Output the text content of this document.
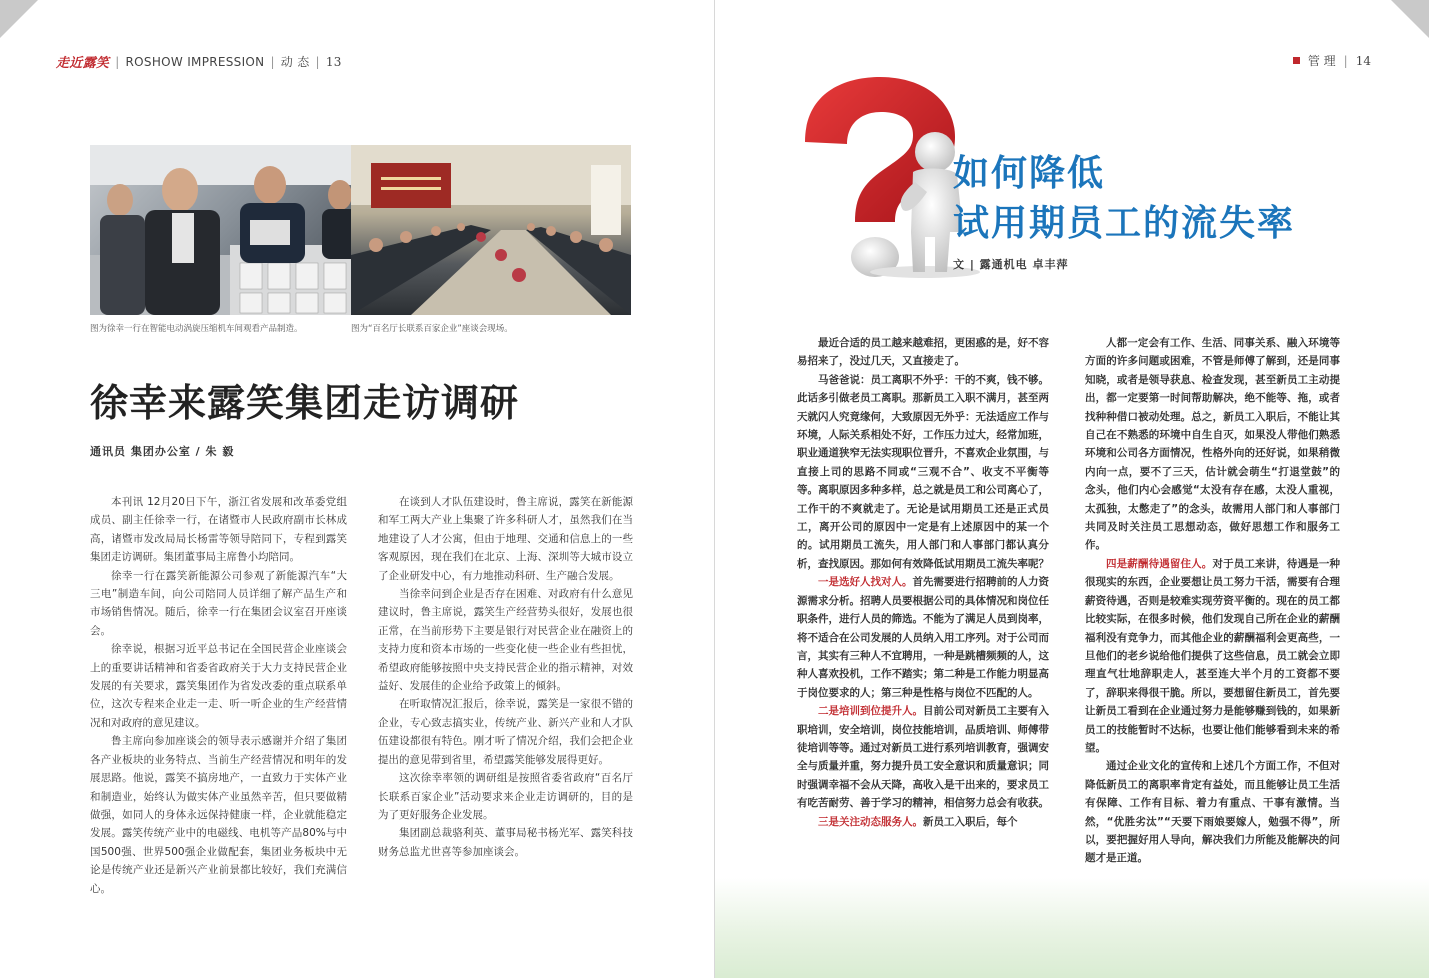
走近露笑 | ROSHOW IMPRESSION | 动 态 | 13
图为徐幸一行在智能电动涡旋压缩机车间观看产品制造。	图为“百名厅长联系百家企业”座谈会现场。
徐幸来露笑集团走访调研
通讯员 集团办公室 / 朱 毅

本刊讯 12月20日下午，浙江省发展和改革委党组成员、副主任徐幸一行，在诸暨市人民政府副市长林成高，诸暨市发改局局长杨雷等领导陪同下，专程到露笑集团走访调研。集团董事局主席鲁小均陪同。

徐幸一行在露笑新能源公司参观了新能源汽车“大三电”制造车间，向公司陪同人员详细了解产品生产和市场销售情况。随后，徐幸一行在集团会议室召开座谈会。

徐幸说，根据习近平总书记在全国民营企业座谈会上的重要讲话精神和省委省政府关于大力支持民营企业发展的有关要求，露笑集团作为省发改委的重点联系单位，这次专程来企业走一走、听一听企业的生产经营情况和对政府的意见建议。

鲁主席向参加座谈会的领导表示感谢并介绍了集团各产业板块的业务特点、当前生产经营情况和明年的发展思路。他说，露笑不搞房地产，一直致力于实体产业和制造业，始终认为做实体产业虽然辛苦，但只要做精做强，如同人的身体永远保持健康一样，企业就能稳定发展。露笑传统产业中的电磁线、电机等产品80%与中国500强、世界500强企业做配套，集团业务板块中无论是传统产业还是新兴产业前景都比较好，我们充满信心。

在谈到人才队伍建设时，鲁主席说，露笑在新能源和军工两大产业上集聚了许多科研人才，虽然我们在当地建设了人才公寓，但由于地理、交通和信息上的一些客观原因，现在我们在北京、上海、深圳等大城市设立了企业研发中心，有力地推动科研、生产融合发展。

当徐幸问到企业是否存在困难、对政府有什么意见建议时，鲁主席说，露笑生产经营势头很好，发展也很正常，在当前形势下主要是银行对民营企业在融资上的支持力度和资本市场的一些变化使一些企业有些担忧，希望政府能够按照中央支持民营企业的指示精神，对效益好、发展佳的企业给予政策上的倾斜。

在听取情况汇报后，徐幸说，露笑是一家很不错的企业，专心致志搞实业，传统产业、新兴产业和人才队伍建设都很有特色。刚才听了情况介绍，我们会把企业提出的意见带到省里，希望露笑能够发展得更好。

这次徐幸率领的调研组是按照省委省政府“百名厅长联系百家企业”活动要求来企业走访调研的，目的是为了更好服务企业发展。

集团副总裁骆利英、董事局秘书杨光军、露笑科技财务总监尤世喜等参加座谈会。

管 理 | 14
如何降低
试用期员工的流失率
文 | 露通机电 卓丰萍

最近合适的员工越来越难招，更困惑的是，好不容易招来了，没过几天，又直接走了。

马爸爸说：员工离职不外乎：干的不爽，钱不够。此话多引做老员工离职。那新员工入职不满月，甚至两天就闪人究竟缘何，大致原因无外乎：无法适应工作与环境，人际关系相处不好，工作压力过大，经常加班，职业通道狭窄无法实现职位晋升，不喜欢企业氛围，与直接上司的思路不同或“三观不合”、收支不平衡等等。离职原因多种多样，总之就是员工和公司离心了，工作干的不爽就走了。无论是试用期员工还是正式员工，离开公司的原因中一定是有上述原因中的某一个的。试用期员工流失，用人部门和人事部门都认真分析，查找原因。那如何有效降低试用期员工流失率呢？

一是选好人找对人。首先需要进行招聘前的人力资源需求分析。招聘人员要根据公司的具体情况和岗位任职条件，进行人员的筛选。不能为了满足人员到岗率，将不适合在公司发展的人员纳入用工序列。对于公司而言，其实有三种人不宜聘用，一种是跳槽频频的人，这种人喜欢投机，工作不踏实；第二种是工作能力明显高于岗位要求的人；第三种是性格与岗位不匹配的人。

二是培训到位提升人。目前公司对新员工主要有入职培训，安全培训，岗位技能培训，品质培训、师傅带徒培训等等。通过对新员工进行系列培训教育，强调安全与质量并重，努力提升员工安全意识和质量意识；同时强调幸福不会从天降，高收入是干出来的，要求员工有吃苦耐劳、善于学习的精神，相信努力总会有收获。

三是关注动态服务人。新员工入职后，每个

人都一定会有工作、生活、同事关系、融入环境等方面的许多问题或困难，不管是师傅了解到，还是同事知晓，或者是领导获息、检查发现，甚至新员工主动提出，都一定要第一时间帮助解决，绝不能等、拖，或者找种种借口被动处理。总之，新员工入职后，不能让其自己在不熟悉的环境中自生自灭，如果没人带他们熟悉环境和公司各方面情况，性格外向的还好说，如果稍微内向一点，要不了三天，估计就会萌生“打退堂鼓”的念头，他们内心会感觉“太没有存在感，太没人重视，太孤独，太憋走了”的念头，故需用人部门和人事部门共同及时关注员工思想动态，做好思想工作和服务工作。

四是薪酬待遇留住人。对于员工来讲，待遇是一种很现实的东西，企业要想让员工努力干活，需要有合理薪资待遇，否则是较难实现劳资平衡的。现在的员工都比较实际，在很多时候，他们发现自己所在企业的薪酬福利没有竞争力，而其他企业的薪酬福利会更高些，一旦他们的老乡说给他们提供了这些信息，员工就会立即理直气壮地辞职走人，甚至连大半个月的工资都不要了，辞职来得很干脆。所以，要想留住新员工，首先要让新员工看到在企业通过努力是能够赚到钱的，如果新员工的技能暂时不达标，也要让他们能够看到未来的希望。

通过企业文化的宣传和上述几个方面工作，不但对降低新员工的离职率肯定有益处，而且能够让员工生活有保障、工作有目标、着力有重点、干事有激情。当然，“优胜劣汰”“天要下雨娘要嫁人，勉强不得”，所以，要把握好用人导向，解决我们力所能及能解决的问题才是正道。
